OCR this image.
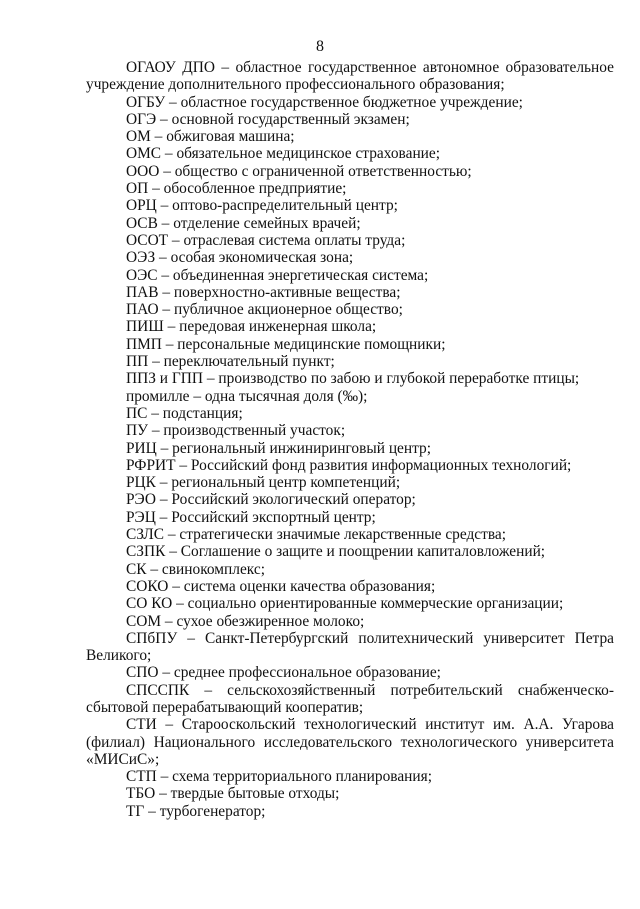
8

ОГАОУ ДПО – областное государственное автономное образовательное учреждение дополнительного профессионального образования;

ОГБУ – областное государственное бюджетное учреждение;

ОГЭ – основной государственный экзамен;

ОМ – обжиговая машина;

ОМС – обязательное медицинское страхование;

ООО – общество с ограниченной ответственностью;

ОП – обособленное предприятие;

ОРЦ – оптово-распределительный центр;

ОСВ – отделение семейных врачей;

ОСОТ – отраслевая система оплаты труда;

ОЭЗ – особая экономическая зона;

ОЭС – объединенная энергетическая система;

ПАВ – поверхностно-активные вещества;

ПАО – публичное акционерное общество;

ПИШ – передовая инженерная школа;

ПМП – персональные медицинские помощники;

ПП – переключательный пункт;

ППЗ и ГПП – производство по забою и глубокой переработке птицы;

промилле – одна тысячная доля (‰);

ПС – подстанция;

ПУ – производственный участок;

РИЦ – региональный инжиниринговый центр;

РФРИТ – Российский фонд развития информационных технологий;

РЦК – региональный центр компетенций;

РЭО – Российский экологический оператор;

РЭЦ – Российский экспортный центр;

СЗЛС – стратегически значимые лекарственные средства;

СЗПК – Соглашение о защите и поощрении капиталовложений;

СК – свинокомплекс;

СОКО – система оценки качества образования;

СО КО – социально ориентированные коммерческие организации;

СОМ – сухое обезжиренное молоко;

СПбПУ – Санкт-Петербургский политехнический университет Петра Великого;

СПО – среднее профессиональное образование;

СПССПК – сельскохозяйственный потребительский снабженческо-сбытовой перерабатывающий кооператив;

СТИ – Старооскольский технологический институт им. А.А. Угарова (филиал) Национального исследовательского технологического университета «МИСиС»;

СТП – схема территориального планирования;

ТБО – твердые бытовые отходы;

ТГ – турбогенератор;
